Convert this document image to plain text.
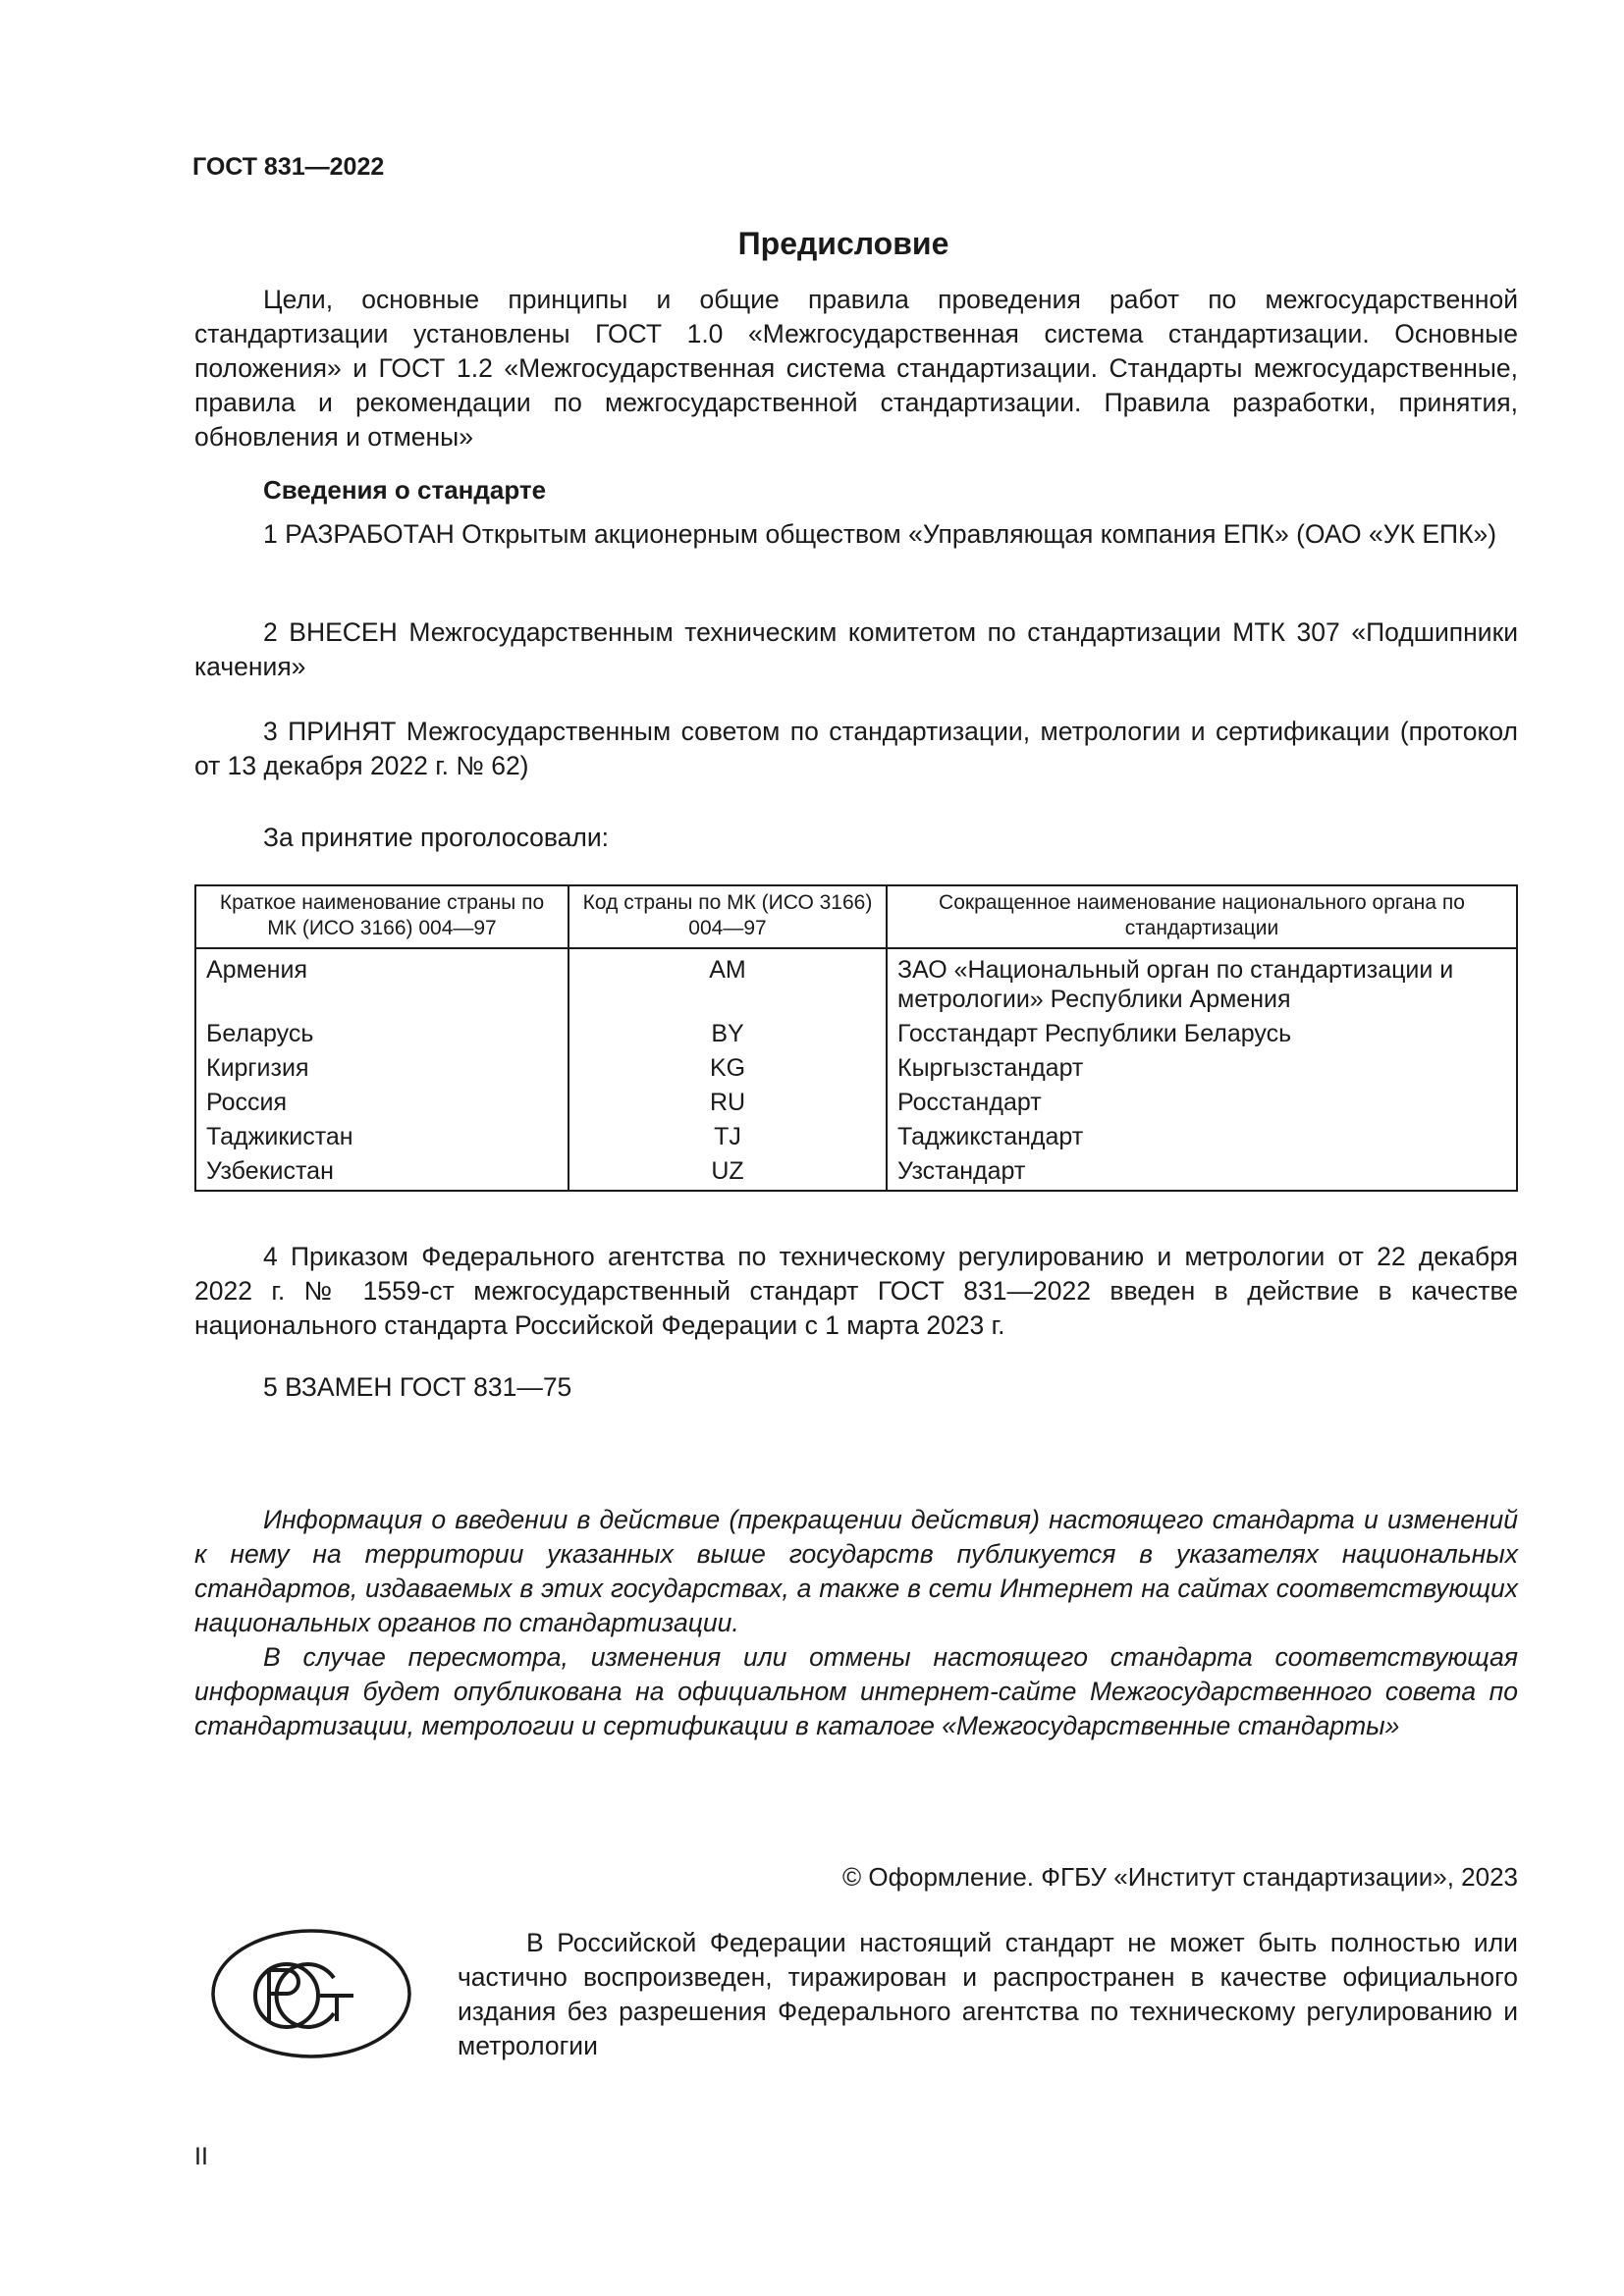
ГОСТ 831—2022
Предисловие

Цели, основные принципы и общие правила проведения работ по межгосударственной стандартизации установлены ГОСТ 1.0 «Межгосударственная система стандартизации. Основные положения» и ГОСТ 1.2 «Межгосударственная система стандартизации. Стандарты межгосударственные, правила и рекомендации по межгосударственной стандартизации. Правила разработки, принятия, обновления и отмены»

Сведения о стандарте

1 РАЗРАБОТАН Открытым акционерным обществом «Управляющая компания ЕПК» (ОАО «УК ЕПК»)

2 ВНЕСЕН Межгосударственным техническим комитетом по стандартизации МТК 307 «Подшипники качения»

3 ПРИНЯТ Межгосударственным советом по стандартизации, метрологии и сертификации (протокол от 13 декабря 2022 г. № 62)

За принятие проголосовали:
Краткое наименование страны по МК (ИСО 3166) 004—97	Код страны по МК (ИСО 3166) 004—97	Сокращенное наименование национального органа по стандартизации
Армения	AM	ЗАО «Национальный орган по стандартизации и метрологии» Республики Армения
Беларусь	BY	Госстандарт Республики Беларусь
Киргизия	KG	Кыргызстандарт
Россия	RU	Росстандарт
Таджикистан	TJ	Таджикстандарт
Узбекистан	UZ	Узстандарт

4 Приказом Федерального агентства по техническому регулированию и метрологии от 22 декабря 2022 г. № 1559-ст межгосударственный стандарт ГОСТ 831—2022 введен в действие в качестве национального стандарта Российской Федерации с 1 марта 2023 г.

5 ВЗАМЕН ГОСТ 831—75

Информация о введении в действие (прекращении действия) настоящего стандарта и изменений к нему на территории указанных выше государств публикуется в указателях национальных стандартов, издаваемых в этих государствах, а также в сети Интернет на сайтах соответствующих национальных органов по стандартизации.

В случае пересмотра, изменения или отмены настоящего стандарта соответствующая информация будет опубликована на официальном интернет-сайте Межгосударственного совета по стандартизации, метрологии и сертификации в каталоге «Межгосударственные стандарты»

© Оформление. ФГБУ «Институт стандартизации», 2023

В Российской Федерации настоящий стандарт не может быть полностью или частично воспроизведен, тиражирован и распространен в качестве официального издания без разрешения Федерального агентства по техническому регулированию и метрологии

II
